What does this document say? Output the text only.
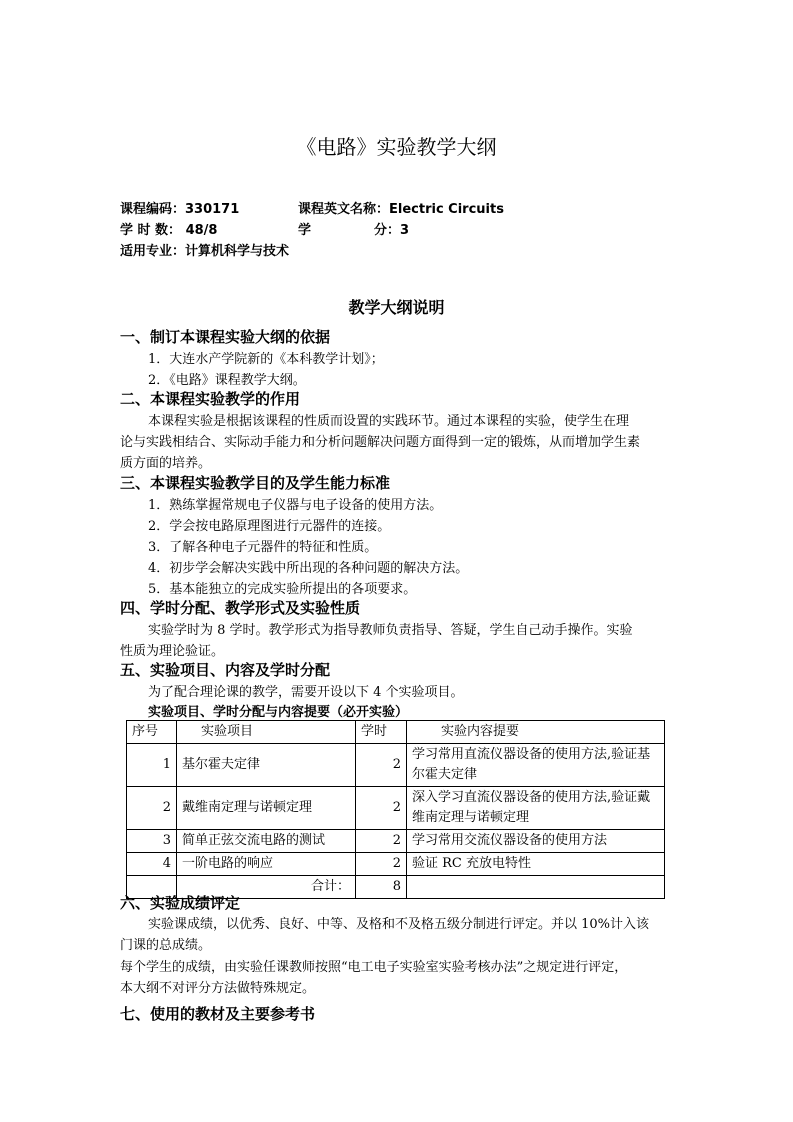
《电路》实验教学大纲
课程编码：330171	课程英文名称：Electric Circuits
学 时 数： 48/8	学	分：3
适用专业：计算机科学与技术
教学大纲说明
一、制订本课程实验大纲的依据
1．大连水产学院新的《本科教学计划》；
2．《电路》课程教学大纲。
二、本课程实验教学的作用
本课程实验是根据该课程的性质而设置的实践环节。通过本课程的实验，使学生在理
论与实践相结合、实际动手能力和分析问题解决问题方面得到一定的锻炼，从而增加学生素
质方面的培养。
三、本课程实验教学目的及学生能力标准
1．熟练掌握常规电子仪器与电子设备的使用方法。
2．学会按电路原理图进行元器件的连接。
3．了解各种电子元器件的特征和性质。
4．初步学会解决实践中所出现的各种问题的解决方法。
5．基本能独立的完成实验所提出的各项要求。
四、学时分配、教学形式及实验性质
实验学时为 8 学时。教学形式为指导教师负责指导、答疑，学生自己动手操作。实验
性质为理论验证。
五、实验项目、内容及学时分配
为了配合理论课的教学，需要开设以下 4 个实验项目。
实验项目、学时分配与内容提要（必开实验）
序号	实验项目	学时	实验内容提要
1	基尔霍夫定律	2	学习常用直流仪器设备的使用方法,验证基尔霍夫定律
2	戴维南定理与诺顿定理	2	深入学习直流仪器设备的使用方法,验证戴维南定理与诺顿定理
3	简单正弦交流电路的测试	2	学习常用交流仪器设备的使用方法
4	一阶电路的响应	2	验证 RC 充放电特性
	合计：	8	
六、实验成绩评定
实验课成绩，以优秀、良好、中等、及格和不及格五级分制进行评定。并以 10%计入该
门课的总成绩。
每个学生的成绩，由实验任课教师按照“电工电子实验室实验考核办法”之规定进行评定，
本大纲不对评分方法做特殊规定。
七、使用的教材及主要参考书
